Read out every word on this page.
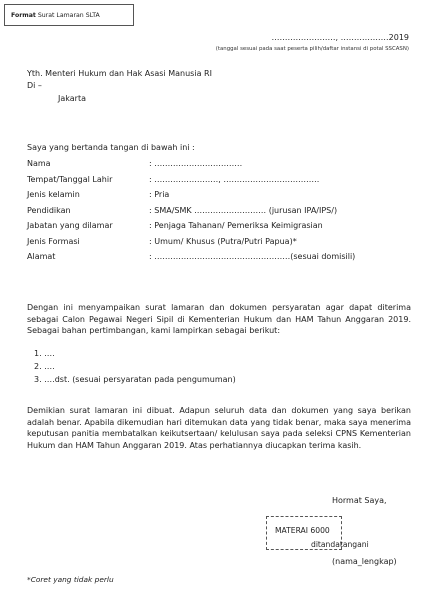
Format Surat Lamaran SLTA
……………………, ………………2019
(tanggal sesuai pada saat peserta pilih/daftar instansi di potal SSCASN)
Yth. Menteri Hukum dan Hak Asasi Manusia RI
Di –
Jakarta
Saya yang bertanda tangan di bawah ini :
Nama	: ……………………………
Tempat/Tanggal Lahir	: ……………………, ………………………………
Jenis kelamin	: Pria
Pendidikan	: SMA/SMK ……………………… (jurusan IPA/IPS/)
Jabatan yang dilamar	: Penjaga Tahanan/ Pemeriksa Keimigrasian
Jenis Formasi	: Umum/ Khusus (Putra/Putri Papua)*
Alamat	: ……………………………………………(sesuai domisili)
Dengan ini menyampaikan surat lamaran dan dokumen persyaratan agar dapat diterima sebagai Calon Pegawai Negeri Sipil di Kementerian Hukum dan HAM Tahun Anggaran 2019. Sebagai bahan pertimbangan, kami lampirkan sebagai berikut:
1. ….
2. ….
3. ….dst. (sesuai persyaratan pada pengumuman)
Demikian surat lamaran ini dibuat. Adapun seluruh data dan dokumen yang saya berikan adalah benar. Apabila dikemudian hari ditemukan data yang tidak benar, maka saya menerima keputusan panitia membatalkan keikutsertaan/ kelulusan saya pada seleksi CPNS Kementerian Hukum dan HAM Tahun Anggaran 2019. Atas perhatiannya diucapkan terima kasih.
Hormat Saya,
MATERAI 6000
ditandatangani
(nama_lengkap)
*Coret yang tidak perlu
